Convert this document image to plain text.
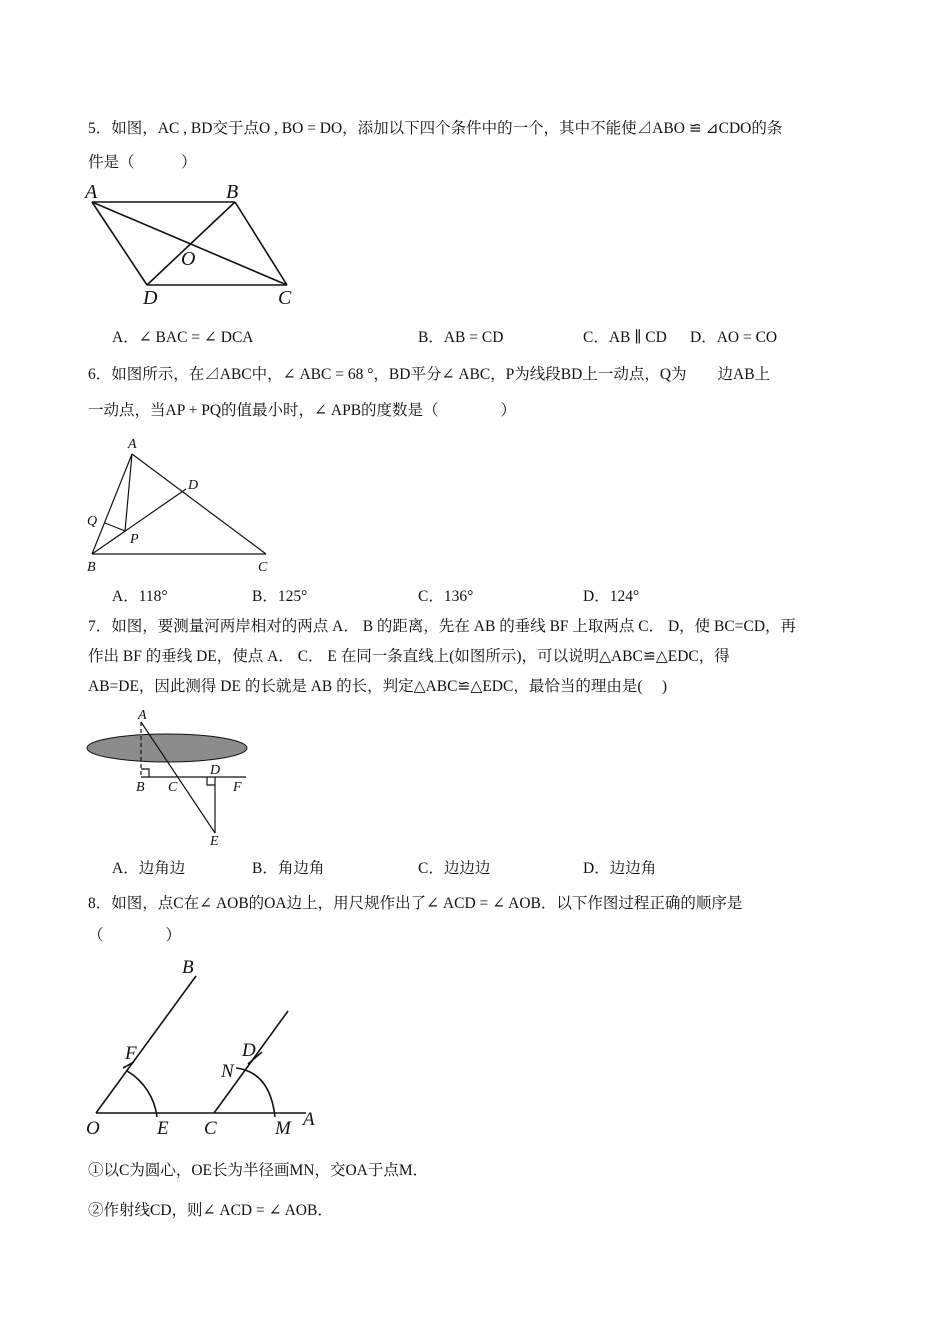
5．如图，AC , BD交于点O , BO = DO，添加以下四个条件中的一个，其中不能使⊿ABO ≌ ⊿CDO的条
件是（　　　）
A	B
O
D	C
A．∠ BAC = ∠ DCA	B．AB = CD	C．AB ∥ CD D．AO = CO
6．如图所示，在⊿ABC中，∠ ABC = 68 °，BD平分∠ ABC，P为线段BD上一动点，Q为　　边AB上
一动点，当AP + PQ的值最小时，∠ APB的度数是（　　　　）
A
D
Q
P
B	C
A．118°	B．125°	C．136°	D．124°
7．如图，要测量河两岸相对的两点 A． B 的距离，先在 AB 的垂线 BF 上取两点 C． D，使 BC=CD，再
作出 BF 的垂线 DE，使点 A． C． E 在同一条直线上(如图所示)，可以说明△ABC≌△EDC，得
AB=DE，因此测得 DE 的长就是 AB 的长，判定△ABC≌△EDC，最恰当的理由是(　 )
A
D
B C	F
E
A．边角边	B．角边角	C．边边边	D．边边角
8．如图，点C在∠ AOB的OA边上，用尺规作出了∠ ACD = ∠ AOB．以下作图过程正确的顺序是
（　　　　）
B
F	D
N
O	E C	M A
①以C为圆心，OE长为半径画MN，交OA于点M．
②作射线CD，则∠ ACD = ∠ AOB．
